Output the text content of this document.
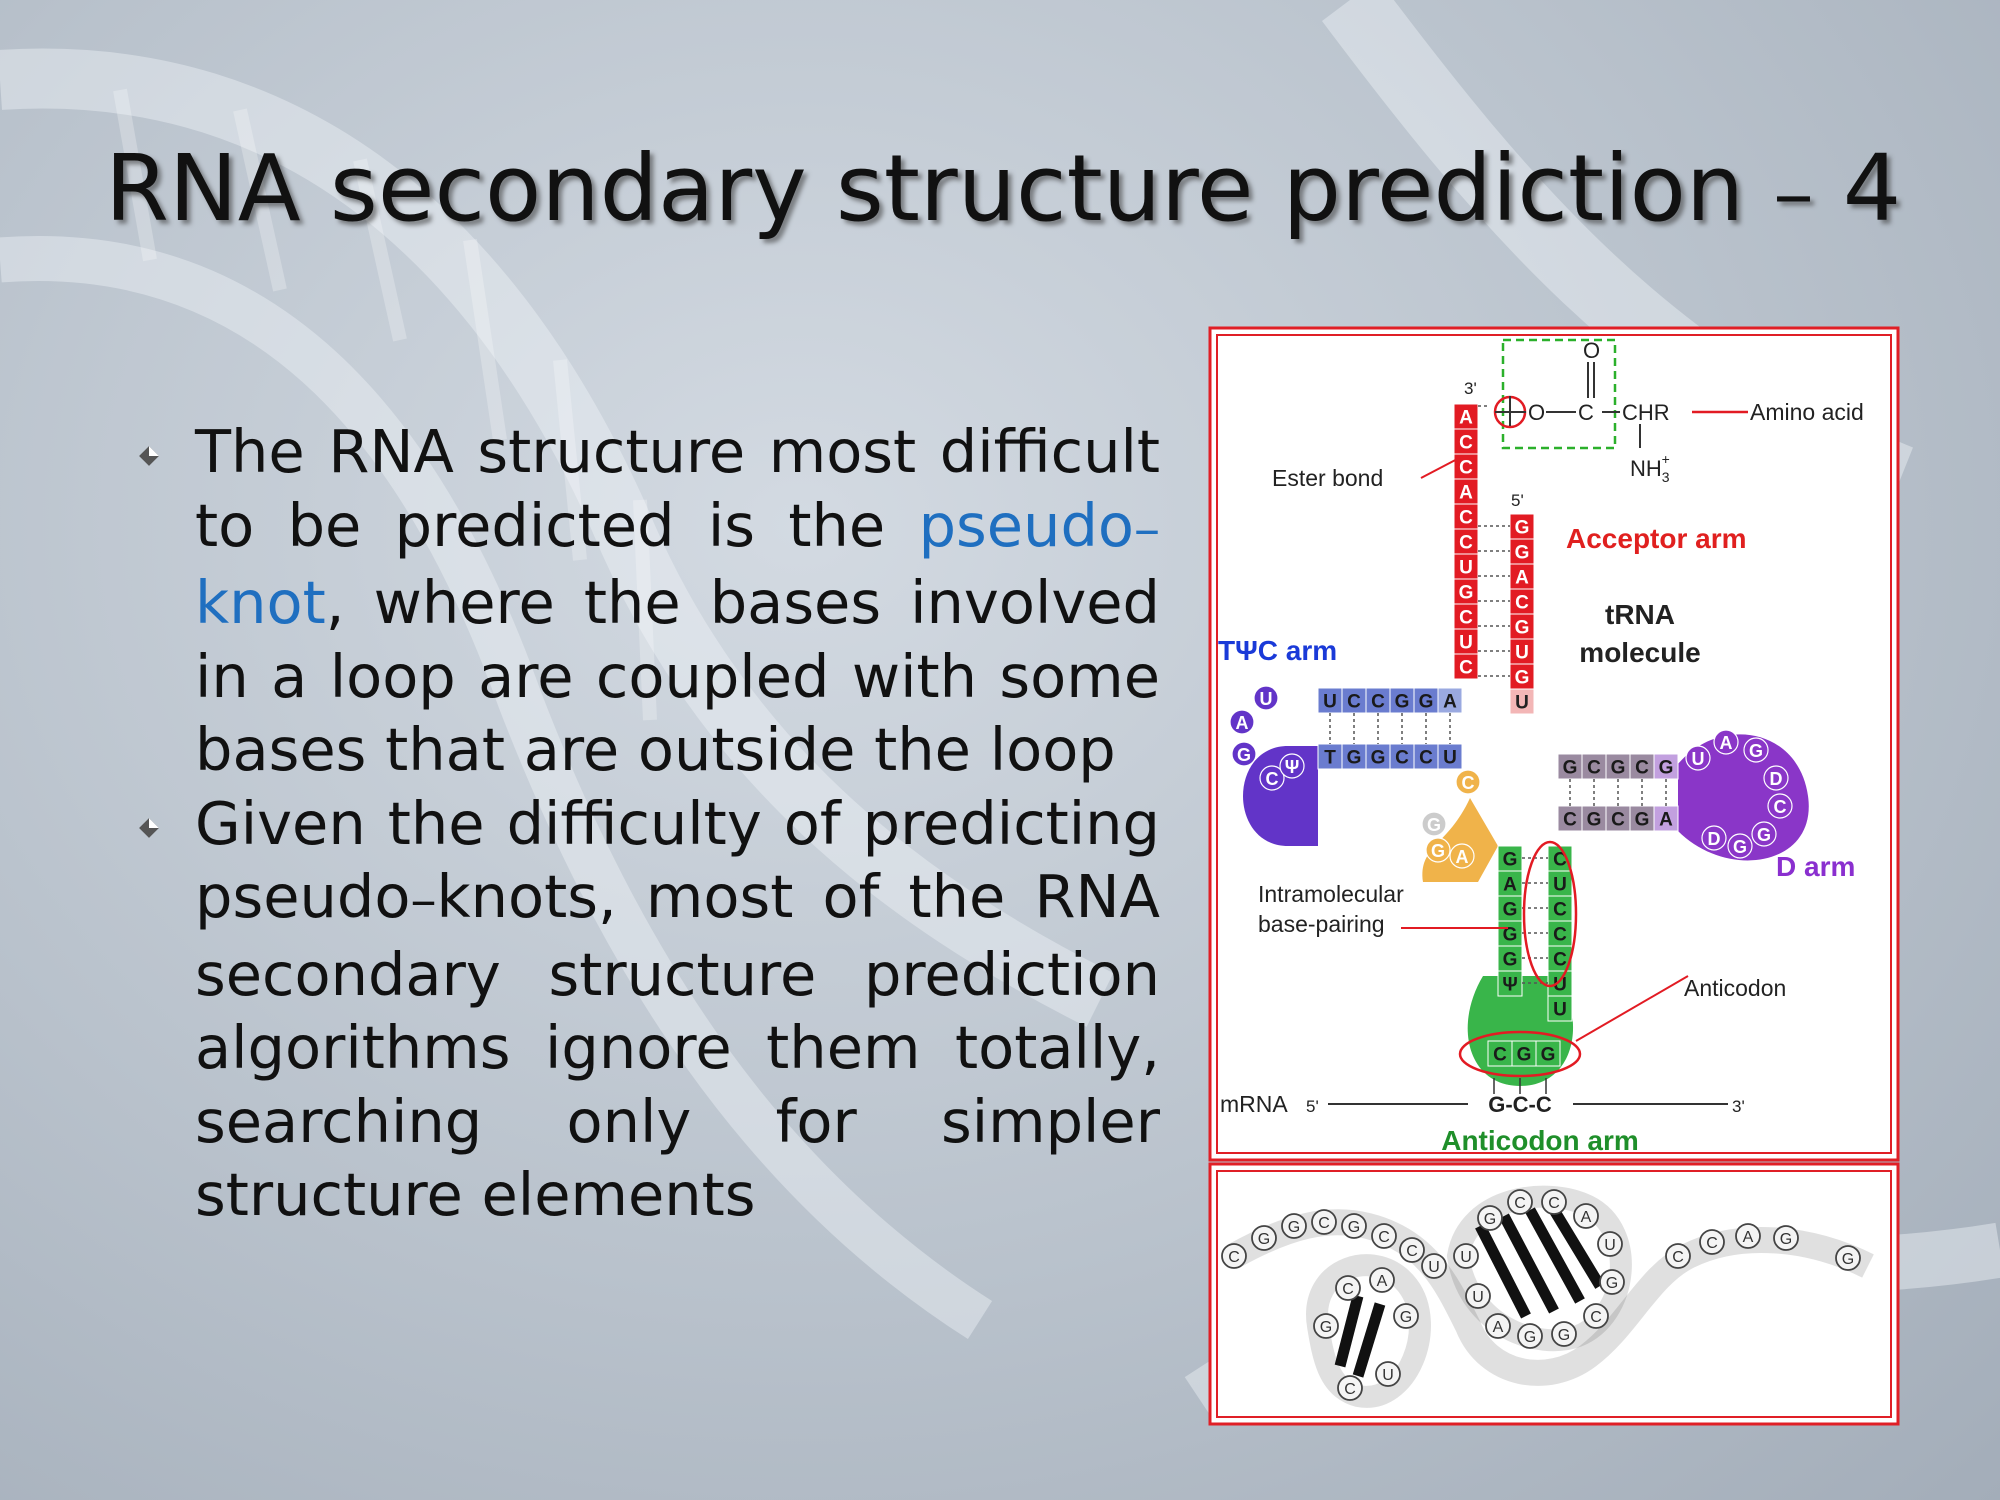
RNA secondary structure prediction – 4
The RNA structure most difficult to be predicted is the pseudo–knot, where the bases involved in a loop are coupled with some bases that are outside the loop
Given the difficulty of predicting pseudo–knots, most of the RNA secondary structure prediction algorithms ignore them totally, searching only for simpler structure elements
A
C
C
A
C
C
U
G
C
U
C
G
G
A
C
G
U
G
U
U C C G G A
T G G C C U
U
A
G
C
Ψ
C
G C G C G
C G C G A
U
A G
D
C
G
G
D
G
G A G
A
G
G
G
Ψ
C
U
C
C
C
U
U
C G G
3'
5'
O
O C CHR	Amino acid
$NH_3+$
Ester bond
Acceptor arm
tRNA
molecule
TΨC arm
D arm
Intramolecular
base-pairing
Anticodon
mRNA 5'	G-C-C	3'
Anticodon arm
C
G
G C G
C
C
U
G
C A
G
U
C
U
G
C C
A
U
G
C
G
G
A
U
C
C A G
G
